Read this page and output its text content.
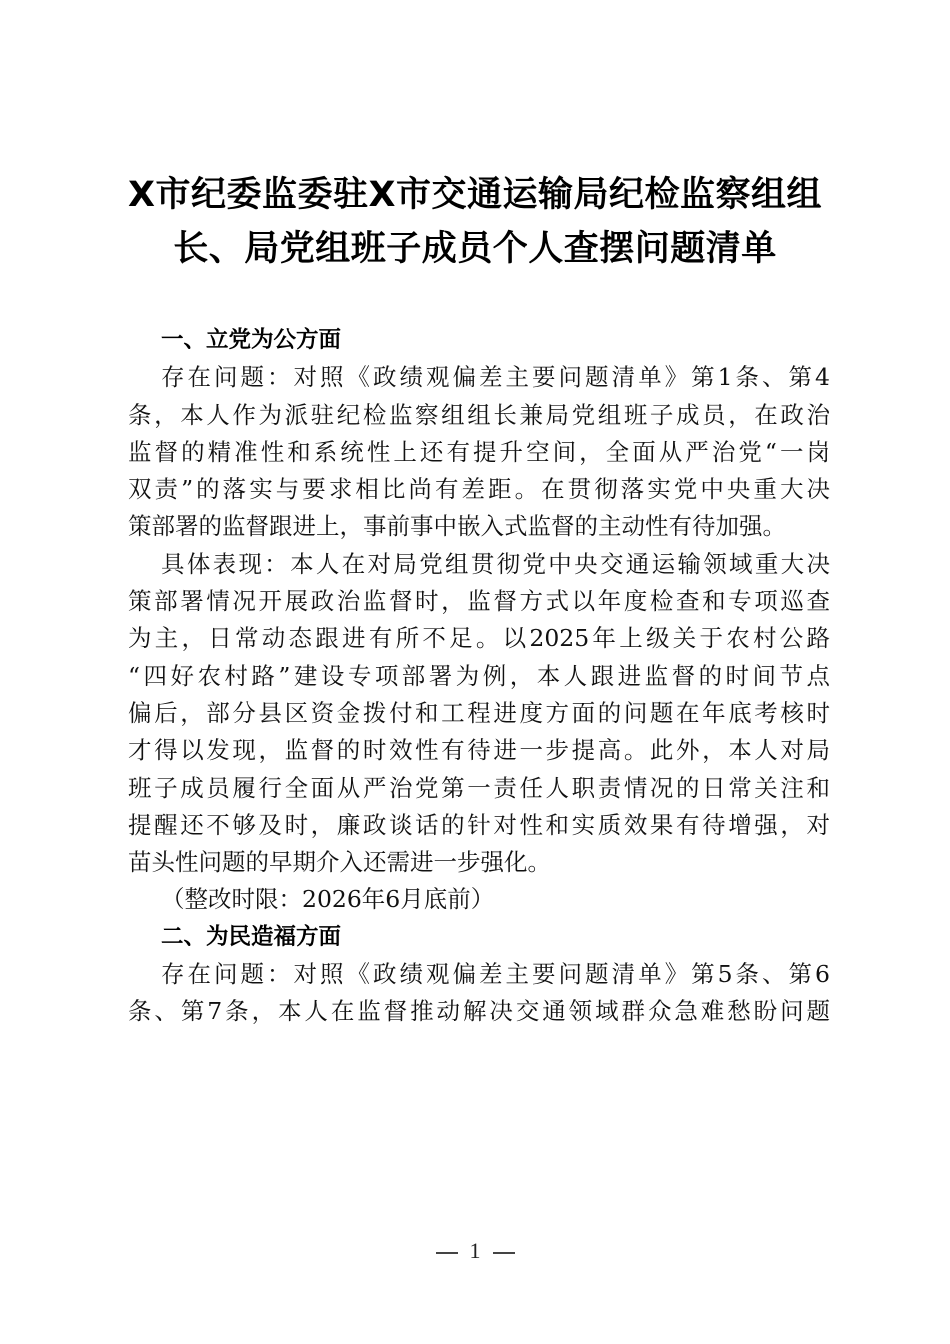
X市纪委监委驻X市交通运输局纪检监察组组
长、局党组班子成员个人查摆问题清单
一、立党为公方面
存在问题：对照《政绩观偏差主要问题清单》第1条、第4
条，本人作为派驻纪检监察组组长兼局党组班子成员，在政治
监督的精准性和系统性上还有提升空间，全面从严治党“一岗
双责”的落实与要求相比尚有差距。在贯彻落实党中央重大决
策部署的监督跟进上，事前事中嵌入式监督的主动性有待加强。
具体表现：本人在对局党组贯彻党中央交通运输领域重大决
策部署情况开展政治监督时，监督方式以年度检查和专项巡查
为主，日常动态跟进有所不足。以2025年上级关于农村公路
“四好农村路”建设专项部署为例，本人跟进监督的时间节点
偏后，部分县区资金拨付和工程进度方面的问题在年底考核时
才得以发现，监督的时效性有待进一步提高。此外，本人对局
班子成员履行全面从严治党第一责任人职责情况的日常关注和
提醒还不够及时，廉政谈话的针对性和实质效果有待增强，对
苗头性问题的早期介入还需进一步强化。
（整改时限：2026年6月底前）
二、为民造福方面
存在问题：对照《政绩观偏差主要问题清单》第5条、第6
条、第7条，本人在监督推动解决交通领域群众急难愁盼问题
1
